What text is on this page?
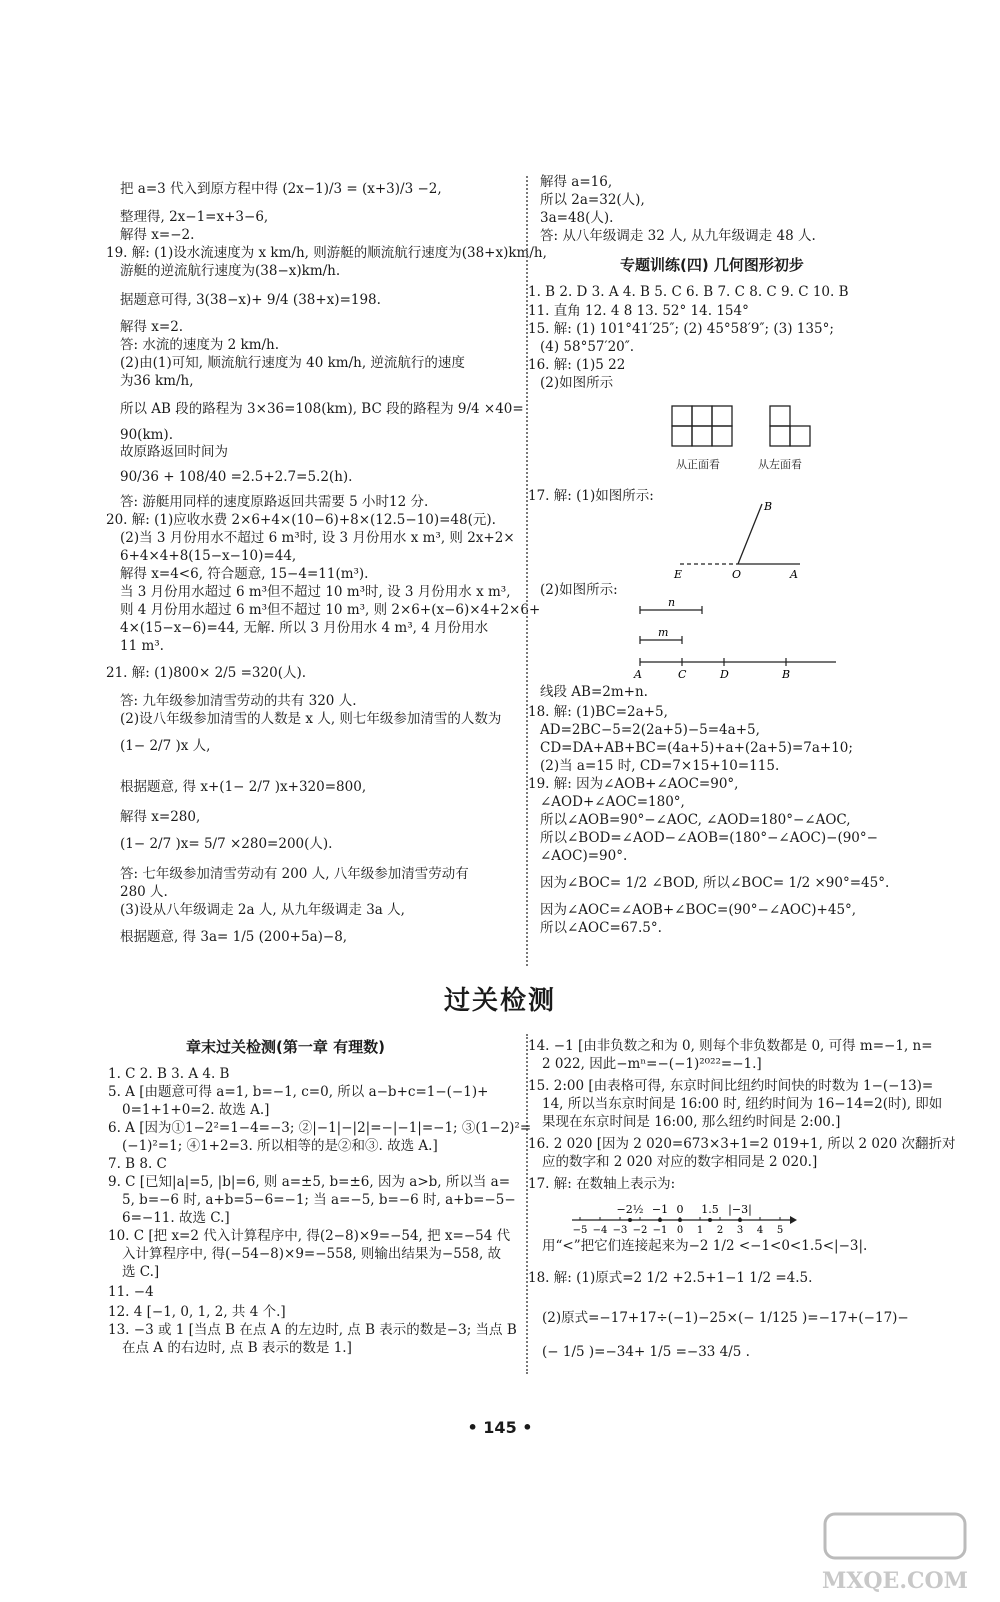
把 a=3 代入到原方程中得 (2x−1)/3 = (x+3)/3 −2,
整理得, 2x−1=x+3−6,
解得 x=−2.
19. 解: (1)设水流速度为 x km/h, 则游艇的顺流航行速度为(38+x)km/h,
游艇的逆流航行速度为(38−x)km/h.
据题意可得, 3(38−x)+ 9/4 (38+x)=198.
解得 x=2.
答: 水流的速度为 2 km/h.
(2)由(1)可知, 顺流航行速度为 40 km/h, 逆流航行的速度
为36 km/h,
所以 AB 段的路程为 3×36=108(km), BC 段的路程为 9/4 ×40=
90(km).
故原路返回时间为
90/36 + 108/40 =2.5+2.7=5.2(h).
答: 游艇用同样的速度原路返回共需要 5 小时12 分.
20. 解: (1)应收水费 2×6+4×(10−6)+8×(12.5−10)=48(元).
(2)当 3 月份用水不超过 6 m³时, 设 3 月份用水 x m³, 则 2x+2×
6+4×4+8(15−x−10)=44,
解得 x=4<6, 符合题意, 15−4=11(m³).
当 3 月份用水超过 6 m³但不超过 10 m³时, 设 3 月份用水 x m³,
则 4 月份用水超过 6 m³但不超过 10 m³, 则 2×6+(x−6)×4+2×6+
4×(15−x−6)=44, 无解. 所以 3 月份用水 4 m³, 4 月份用水
11 m³.
21. 解: (1)800× 2/5 =320(人).
答: 九年级参加清雪劳动的共有 320 人.
(2)设八年级参加清雪的人数是 x 人, 则七年级参加清雪的人数为
(1− 2/7 )x 人,
根据题意, 得 x+(1− 2/7 )x+320=800,
解得 x=280,
(1− 2/7 )x= 5/7 ×280=200(人).
答: 七年级参加清雪劳动有 200 人, 八年级参加清雪劳动有
280 人.
(3)设从八年级调走 2a 人, 从九年级调走 3a 人,
根据题意, 得 3a= 1/5 (200+5a)−8,
解得 a=16,
所以 2a=32(人),
3a=48(人).
答: 从八年级调走 32 人, 从九年级调走 48 人.
专题训练(四) 几何图形初步
1. B 2. D 3. A 4. B 5. C 6. B 7. C 8. C 9. C 10. B
11. 直角 12. 4 8 13. 52° 14. 154°
15. 解: (1) 101°41′25″; (2) 45°58′9″; (3) 135°;
(4) 58°57′20″.
16. 解: (1)5 22
(2)如图所示
从正面看	从左面看
17. 解: (1)如图所示:
B
E	O	A
(2)如图所示:
n
m
A	C	D	B
线段 AB=2m+n.
18. 解: (1)BC=2a+5,
AD=2BC−5=2(2a+5)−5=4a+5,
CD=DA+AB+BC=(4a+5)+a+(2a+5)=7a+10;
(2)当 a=15 时, CD=7×15+10=115.
19. 解: 因为∠AOB+∠AOC=90°,
∠AOD+∠AOC=180°,
所以∠AOB=90°−∠AOC, ∠AOD=180°−∠AOC,
所以∠BOD=∠AOD−∠AOB=(180°−∠AOC)−(90°−
∠AOC)=90°.
因为∠BOC= 1/2 ∠BOD, 所以∠BOC= 1/2 ×90°=45°.
因为∠AOC=∠AOB+∠BOC=(90°−∠AOC)+45°,
所以∠AOC=67.5°.
过关检测
章末过关检测(第一章 有理数)
1. C 2. B 3. A 4. B
5. A [由题意可得 a=1, b=−1, c=0, 所以 a−b+c=1−(−1)+
0=1+1+0=2. 故选 A.]
6. A [因为①1−2²=1−4=−3; ②|−1|−|2|=−|−1|=−1; ③(1−2)²=
(−1)²=1; ④1+2=3. 所以相等的是②和③. 故选 A.]
7. B 8. C
9. C [已知|a|=5, |b|=6, 则 a=±5, b=±6, 因为 a>b, 所以当 a=
5, b=−6 时, a+b=5−6=−1; 当 a=−5, b=−6 时, a+b=−5−
6=−11. 故选 C.]
10. C [把 x=2 代入计算程序中, 得(2−8)×9=−54, 把 x=−54 代
入计算程序中, 得(−54−8)×9=−558, 则输出结果为−558, 故
选 C.]
11. −4
12. 4 [−1, 0, 1, 2, 共 4 个.]
13. −3 或 1 [当点 B 在点 A 的左边时, 点 B 表示的数是−3; 当点 B
在点 A 的右边时, 点 B 表示的数是 1.]
14. −1 [由非负数之和为 0, 则每个非负数都是 0, 可得 m=−1, n=
2 022, 因此−mⁿ=−(−1)²⁰²²=−1.]
15. 2:00 [由表格可得, 东京时间比纽约时间快的时数为 1−(−13)=
14, 所以当东京时间是 16:00 时, 纽约时间为 16−14=2(时), 即如
果现在东京时间是 16:00, 那么纽约时间是 2:00.]
16. 2 020 [因为 2 020=673×3+1=2 019+1, 所以 2 020 次翻折对
应的数字和 2 020 对应的数字相同是 2 020.]
17. 解: 在数轴上表示为:
−5 −4 −3 −2 −1 0 1 2 3 4 5
−2½ −1 0 1.5 |−3|
用“<”把它们连接起来为−2 1/2 <−1<0<1.5<|−3|.
18. 解: (1)原式=2 1/2 +2.5+1−1 1/2 =4.5.
(2)原式=−17+17÷(−1)−25×(− 1/125 )=−17+(−17)−
(− 1/5 )=−34+ 1/5 =−33 4/5 .
• 145 •
MXQE.COM
